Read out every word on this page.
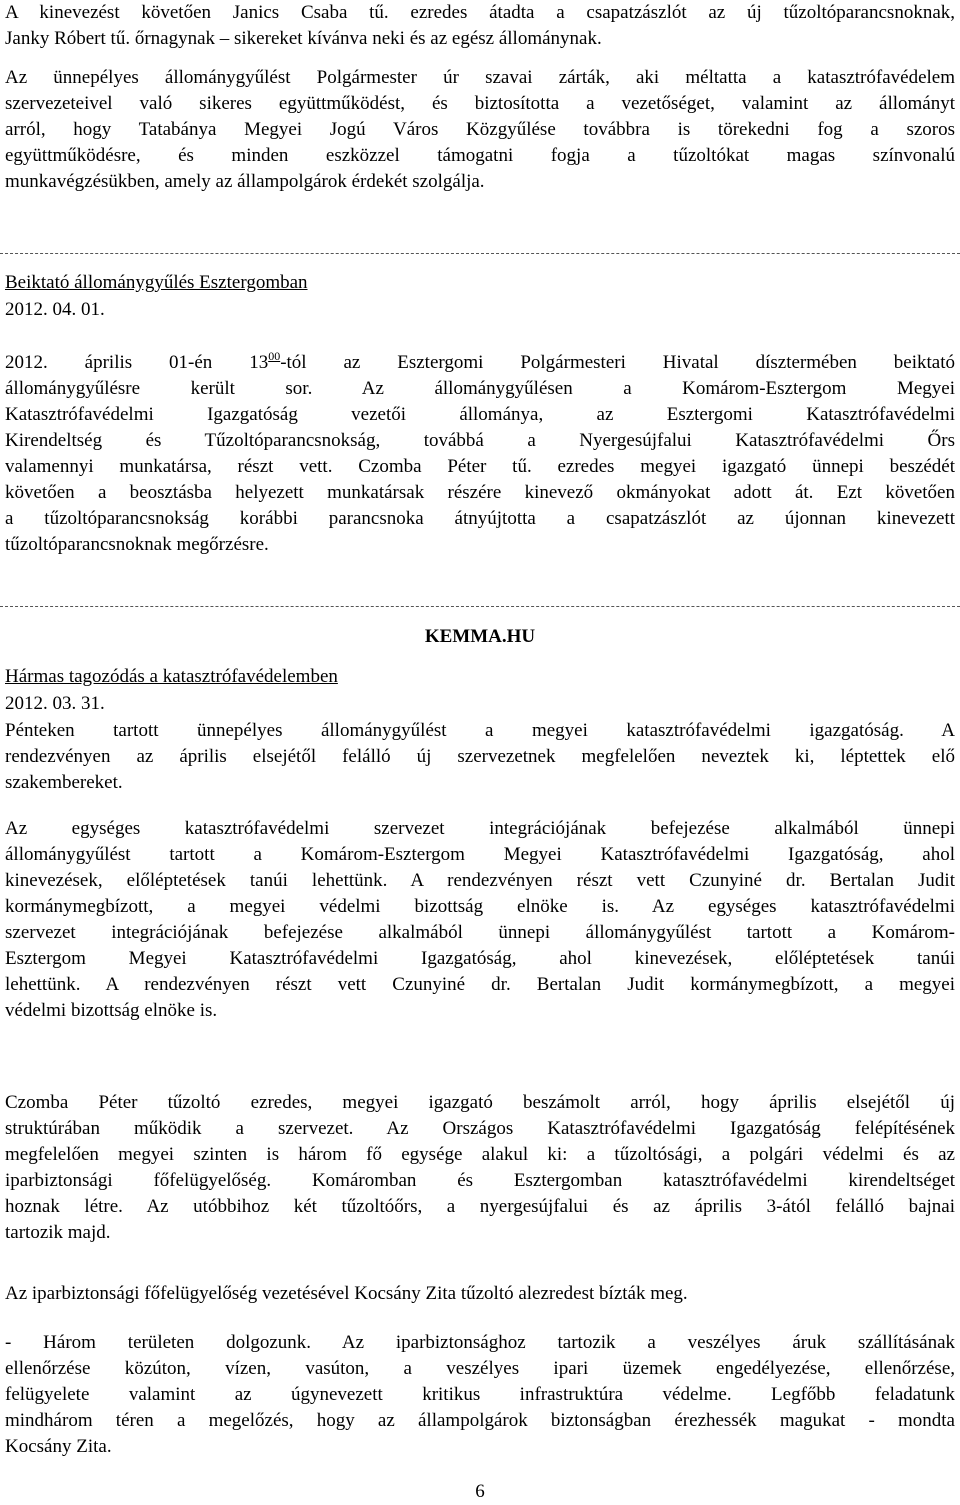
A kinevezést követően Janics Csaba tű. ezredes átadta a csapatzászlót az új tűzoltóparancsnoknak,
Janky Róbert tű. őrnagynak – sikereket kívánva neki és az egész állománynak.
Az ünnepélyes állománygyűlést Polgármester úr szavai zárták, aki méltatta a katasztrófavédelem
szervezeteivel való sikeres együttműködést, és biztosította a vezetőséget, valamint az állományt
arról, hogy Tatabánya Megyei Jogú Város Közgyűlése továbbra is törekedni fog a szoros
együttműködésre, és minden eszközzel támogatni fogja a tűzoltókat magas színvonalú
munkavégzésükben, amely az állampolgárok érdekét szolgálja.
Beiktató állománygyűlés Esztergomban
2012. 04. 01.
2012. április 01-én $13^{00}$-tól az Esztergomi Polgármesteri Hivatal dísztermében beiktató
állománygyűlésre került sor. Az állománygyűlésen a Komárom-Esztergom Megyei
Katasztrófavédelmi Igazgatóság vezetői állománya, az Esztergomi Katasztrófavédelmi
Kirendeltség és Tűzoltóparancsnokság, továbbá a Nyergesújfalui Katasztrófavédelmi Őrs
valamennyi munkatársa, részt vett. Czomba Péter tű. ezredes megyei igazgató ünnepi beszédét
követően a beosztásba helyezett munkatársak részére kinevező okmányokat adott át. Ezt követően
a tűzoltóparancsnokság korábbi parancsnoka átnyújtotta a csapatzászlót az újonnan kinevezett
tűzoltóparancsnoknak megőrzésre.
KEMMA.HU
Hármas tagozódás a katasztrófavédelemben
2012. 03. 31.
Pénteken tartott ünnepélyes állománygyűlést a megyei katasztrófavédelmi igazgatóság. A
rendezvényen az április elsejétől felálló új szervezetnek megfelelően neveztek ki, léptettek elő
szakembereket.
Az egységes katasztrófavédelmi szervezet integrációjának befejezése alkalmából ünnepi
állománygyűlést tartott a Komárom-Esztergom Megyei Katasztrófavédelmi Igazgatóság, ahol
kinevezések, előléptetések tanúi lehettünk. A rendezvényen részt vett Czunyiné dr. Bertalan Judit
kormánymegbízott, a megyei védelmi bizottság elnöke is. Az egységes katasztrófavédelmi
szervezet integrációjának befejezése alkalmából ünnepi állománygyűlést tartott a Komárom-
Esztergom Megyei Katasztrófavédelmi Igazgatóság, ahol kinevezések, előléptetések tanúi
lehettünk. A rendezvényen részt vett Czunyiné dr. Bertalan Judit kormánymegbízott, a megyei
védelmi bizottság elnöke is.
Czomba Péter tűzoltó ezredes, megyei igazgató beszámolt arról, hogy április elsejétől új
struktúrában működik a szervezet. Az Országos Katasztrófavédelmi Igazgatóság felépítésének
megfelelően megyei szinten is három fő egysége alakul ki: a tűzoltósági, a polgári védelmi és az
iparbiztonsági főfelügyelőség. Komáromban és Esztergomban katasztrófavédelmi kirendeltséget
hoznak létre. Az utóbbihoz két tűzoltóőrs, a nyergesújfalui és az április 3-ától felálló bajnai
tartozik majd.
Az iparbiztonsági főfelügyelőség vezetésével Kocsány Zita tűzoltó alezredest bízták meg.
- Három területen dolgozunk. Az iparbiztonsághoz tartozik a veszélyes áruk szállításának
ellenőrzése közúton, vízen, vasúton, a veszélyes ipari üzemek engedélyezése, ellenőrzése,
felügyelete valamint az úgynevezett kritikus infrastruktúra védelme. Legfőbb feladatunk
mindhárom téren a megelőzés, hogy az állampolgárok biztonságban érezhessék magukat - mondta
Kocsány Zita.
6
